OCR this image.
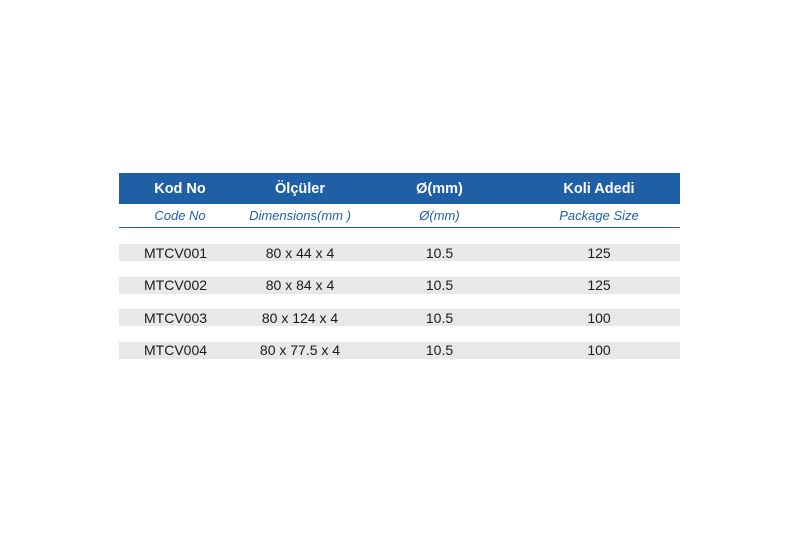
Kod No	Ölçüler	Ø(mm)	Koli Adedi
Code No	Dimensions(mm )	Ø(mm)	Package Size
MTCV001	80 x 44 x 4	10.5	125
MTCV002	80 x 84 x 4	10.5	125
MTCV003	80 x 124 x 4	10.5	100
MTCV004	80 x 77.5 x 4	10.5	100
